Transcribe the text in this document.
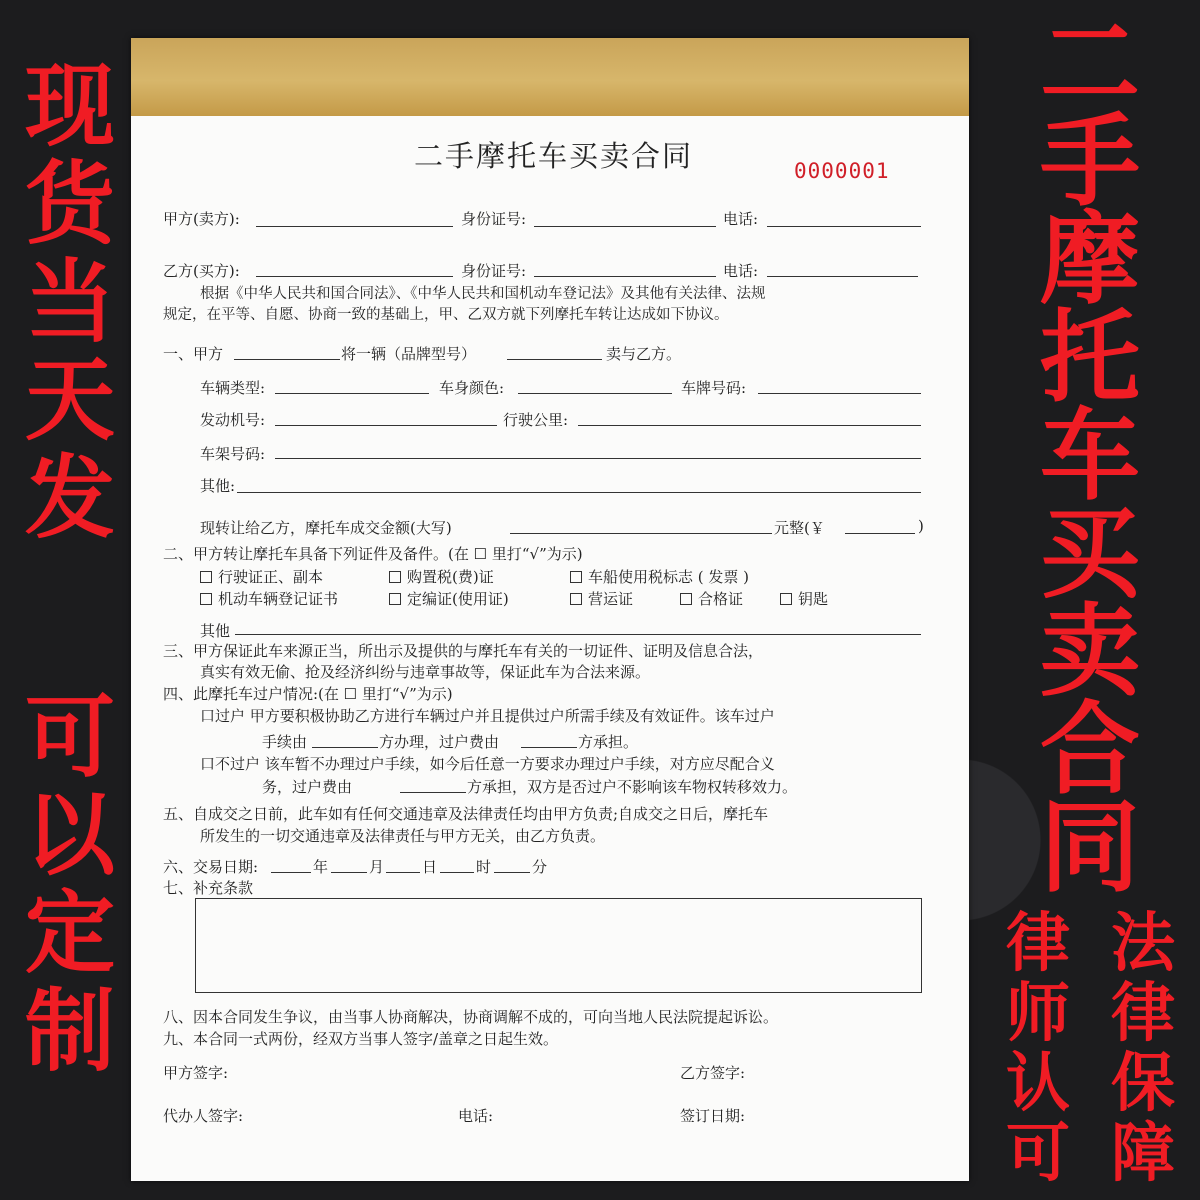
现
货
当
天
发
可
以
定
制
二
手
摩
托
车
买
卖
合
同
律
师
认
可
法
律
保
障
二手摩托车买卖合同	0000001
甲方(卖方):	身份证号:	电话:
乙方(买方):	身份证号:	电话:
根据《中华人民共和国合同法》、《中华人民共和国机动车登记法》及其他有关法律、法规
规定，在平等、自愿、协商一致的基础上，甲、乙双方就下列摩托车转让达成如下协议。
一、甲方	将一辆（品牌型号）	卖与乙方。
车辆类型:	车身颜色:	车牌号码:
发动机号:	行驶公里:
车架号码:
其他:
现转让给乙方，摩托车成交金额(大写)	元整(￥	)
二、甲方转让摩托车具备下列证件及备件。(在 ☐ 里打“√”为示)
行驶证正、副本	购置税(费)证	车船使用税标志 ( 发票 )
机动车辆登记证书	定编证(使用证)	营运证	合格证	钥匙
其他
三、甲方保证此车来源正当，所出示及提供的与摩托车有关的一切证件、证明及信息合法，
真实有效无偷、抢及经济纠纷与违章事故等，保证此车为合法来源。
四、此摩托车过户情况:(在 ☐ 里打“√”为示)
口过户 甲方要积极协助乙方进行车辆过户并且提供过户所需手续及有效证件。该车过户
手续由	方办理，过户费由	方承担。
口不过户 该车暂不办理过户手续，如今后任意一方要求办理过户手续，对方应尽配合义
务，过户费由	方承担，双方是否过户不影响该车物权转移效力。
五、自成交之日前，此车如有任何交通违章及法律责任均由甲方负责;自成交之日后，摩托车
所发生的一切交通违章及法律责任与甲方无关，由乙方负责。
六、交易日期:	年	月	日	时	分
七、补充条款
八、因本合同发生争议，由当事人协商解决，协商调解不成的，可向当地人民法院提起诉讼。
九、本合同一式两份，经双方当事人签字/盖章之日起生效。
甲方签字:	乙方签字:
代办人签字:	电话:	签订日期:
